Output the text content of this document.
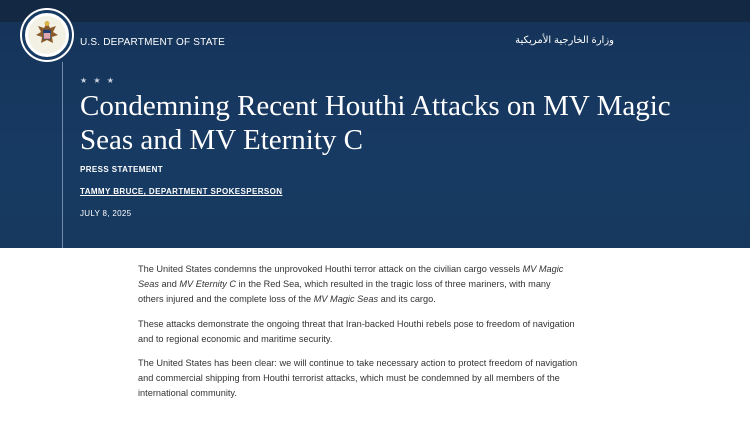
U.S. DEPARTMENT OF STATE	وزارة الخارجية الأمريكية
★ ★ ★
Condemning Recent Houthi Attacks on MV Magic Seas and MV Eternity C
PRESS STATEMENT
TAMMY BRUCE, DEPARTMENT SPOKESPERSON
JULY 8, 2025

The United States condemns the unprovoked Houthi terror attack on the civilian cargo vessels MV Magic Seas and MV Eternity C in the Red Sea, which resulted in the tragic loss of three mariners, with many others injured and the complete loss of the MV Magic Seas and its cargo.

These attacks demonstrate the ongoing threat that Iran-backed Houthi rebels pose to freedom of navigation and to regional economic and maritime security.

The United States has been clear: we will continue to take necessary action to protect freedom of navigation and commercial shipping from Houthi terrorist attacks, which must be condemned by all members of the international community.
